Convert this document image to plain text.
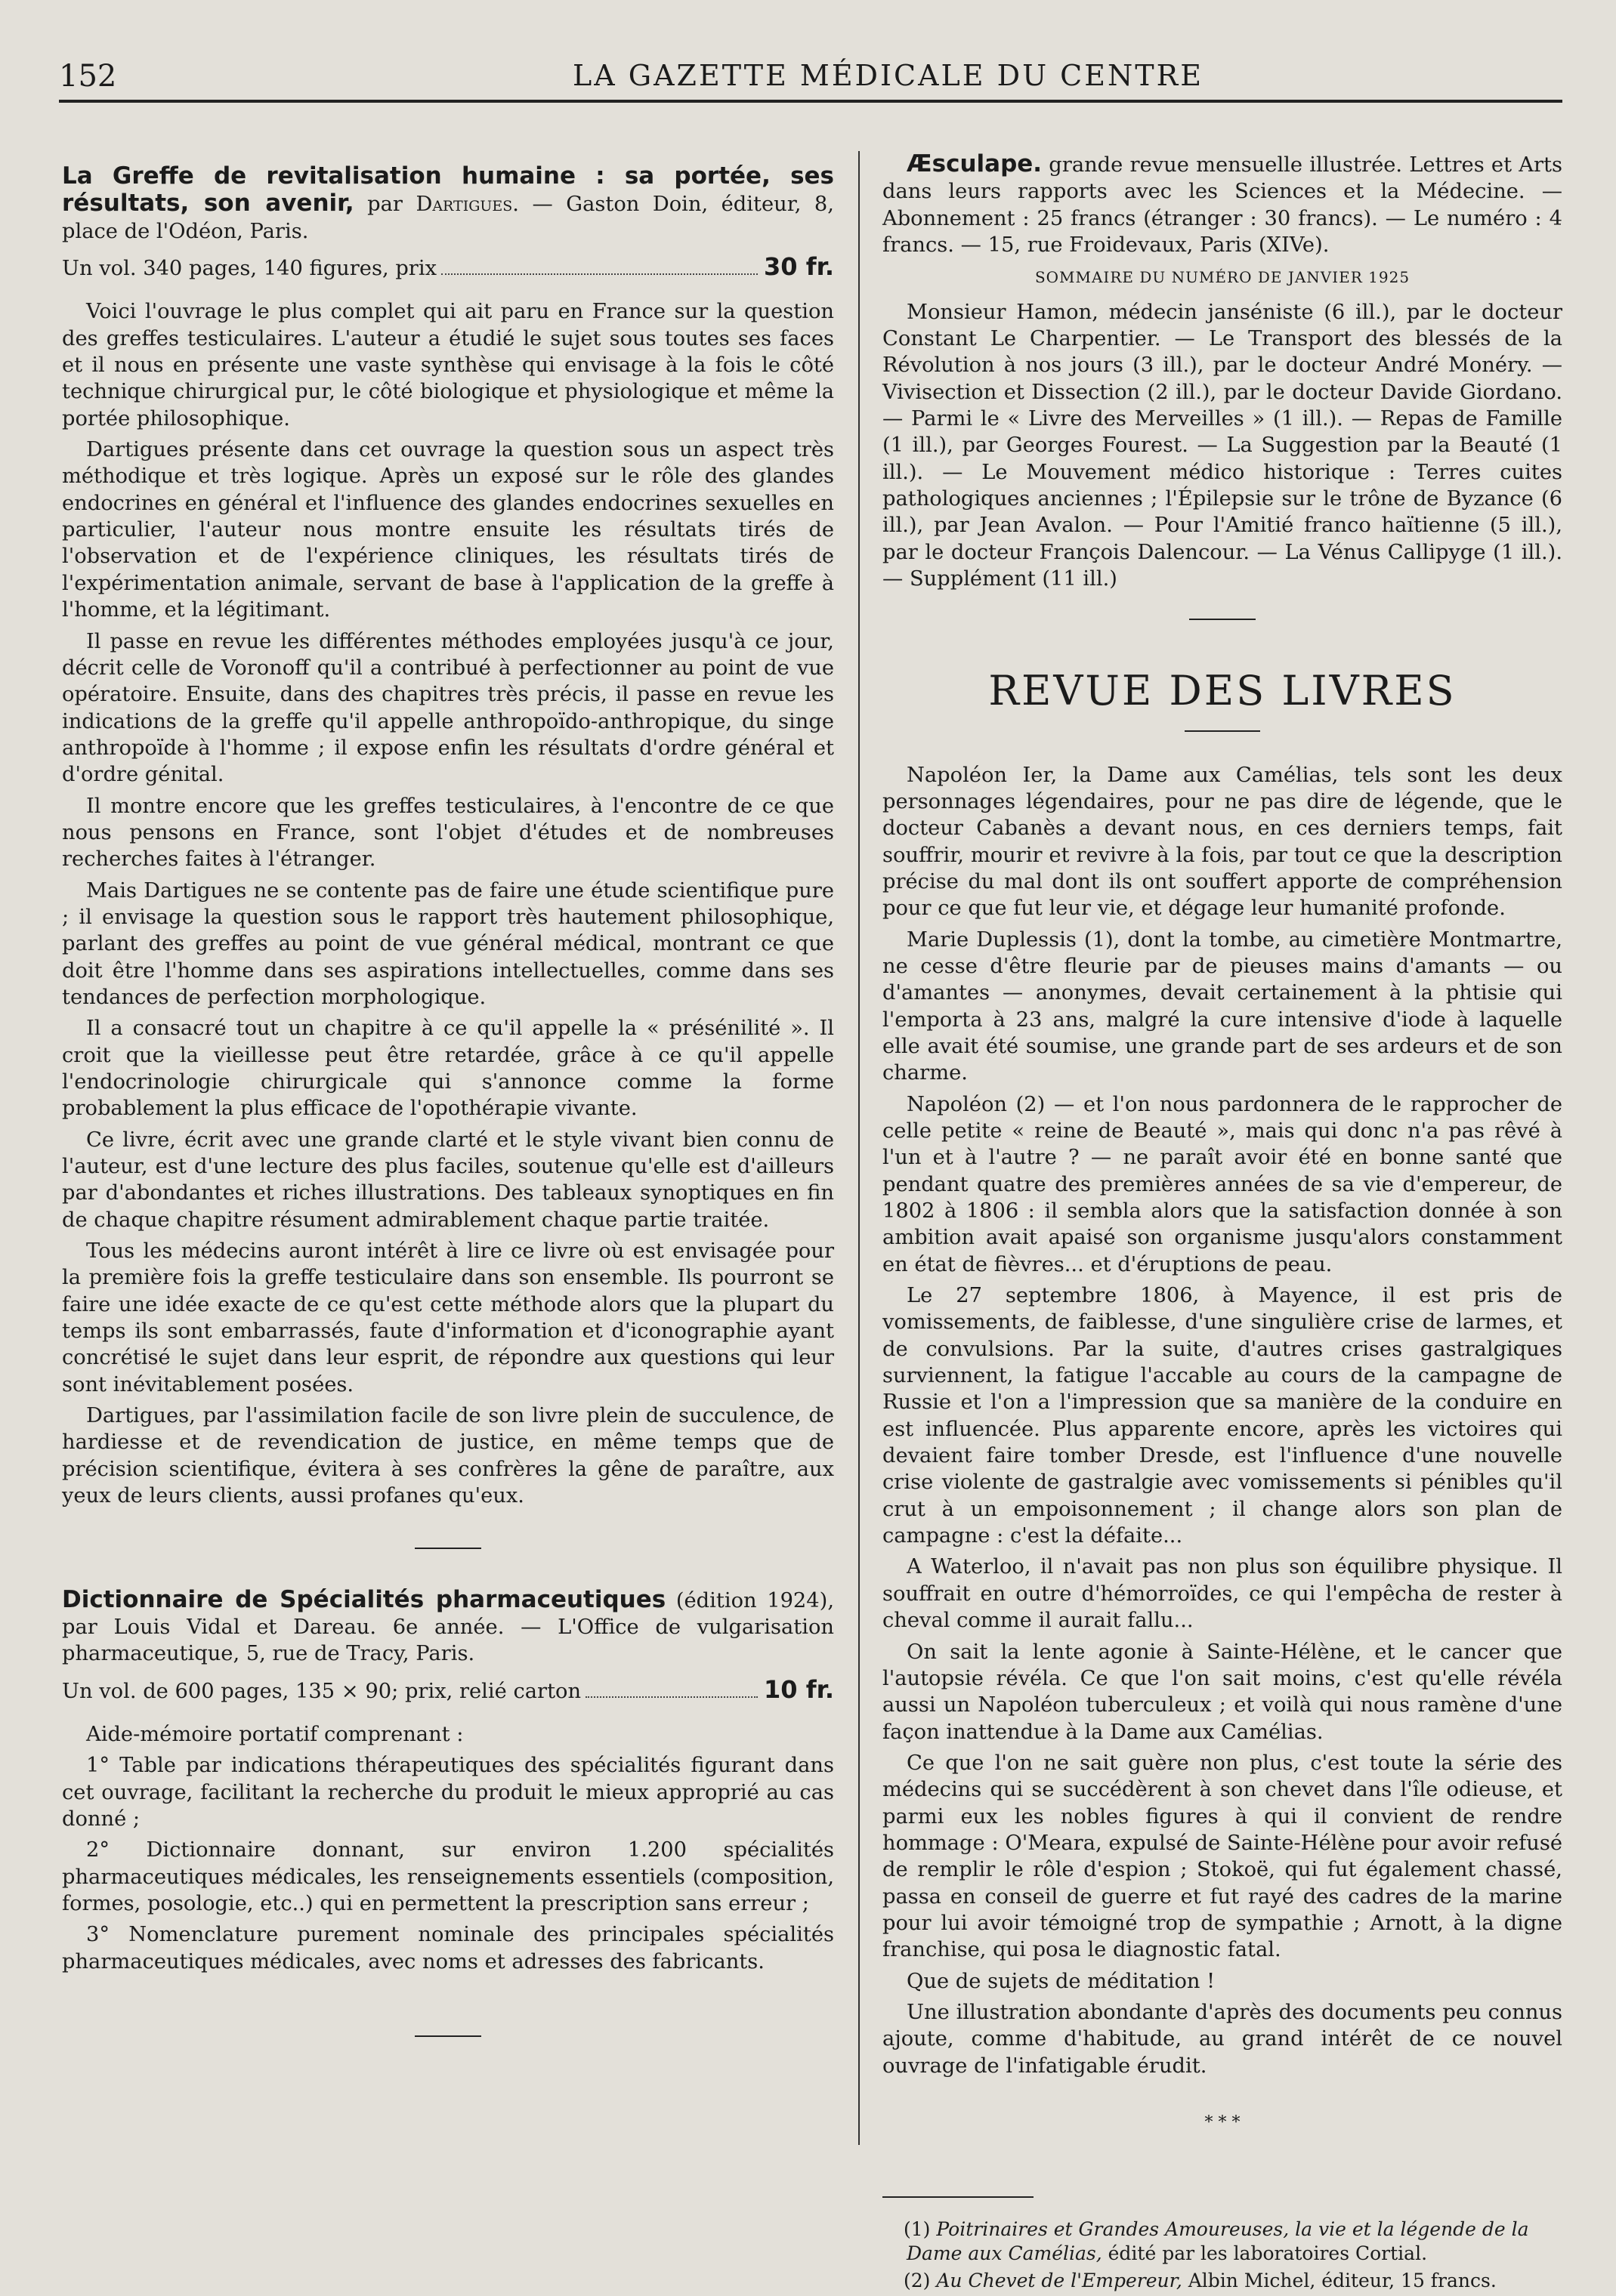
152	LA GAZETTE MÉDICALE DU CENTRE

La Greffe de revitalisation humaine : sa portée, ses résultats, son avenir, par Dartigues. — Gaston Doin, éditeur, 8, place de l'Odéon, Paris.

Un vol. 340 pages, 140 figures, prix	30 fr.

Voici l'ouvrage le plus complet qui ait paru en France sur la question des greffes testiculaires. L'auteur a étudié le sujet sous toutes ses faces et il nous en présente une vaste synthèse qui envisage à la fois le côté technique chirurgical pur, le côté biologique et physiologique et même la portée philosophique.

Dartigues présente dans cet ouvrage la question sous un aspect très méthodique et très logique. Après un exposé sur le rôle des glandes endocrines en général et l'influence des glandes endocrines sexuelles en particulier, l'auteur nous montre ensuite les résultats tirés de l'observation et de l'expérience cliniques, les résultats tirés de l'expérimentation animale, servant de base à l'application de la greffe à l'homme, et la légitimant.

Il passe en revue les différentes méthodes employées jusqu'à ce jour, décrit celle de Voronoff qu'il a contribué à perfectionner au point de vue opératoire. Ensuite, dans des chapitres très précis, il passe en revue les indications de la greffe qu'il appelle anthropoïdo-anthropique, du singe anthropoïde à l'homme ; il expose enfin les résultats d'ordre général et d'ordre génital.

Il montre encore que les greffes testiculaires, à l'encontre de ce que nous pensons en France, sont l'objet d'études et de nombreuses recherches faites à l'étranger.

Mais Dartigues ne se contente pas de faire une étude scientifique pure ; il envisage la question sous le rapport très hautement philosophique, parlant des greffes au point de vue général médical, montrant ce que doit être l'homme dans ses aspirations intellectuelles, comme dans ses tendances de perfection morphologique.

Il a consacré tout un chapitre à ce qu'il appelle la « présénilité ». Il croit que la vieillesse peut être retardée, grâce à ce qu'il appelle l'endocrinologie chirurgicale qui s'annonce comme la forme probablement la plus efficace de l'opothérapie vivante.

Ce livre, écrit avec une grande clarté et le style vivant bien connu de l'auteur, est d'une lecture des plus faciles, soutenue qu'elle est d'ailleurs par d'abondantes et riches illustrations. Des tableaux synoptiques en fin de chaque chapitre résument admirablement chaque partie traitée.

Tous les médecins auront intérêt à lire ce livre où est envisagée pour la première fois la greffe testiculaire dans son ensemble. Ils pourront se faire une idée exacte de ce qu'est cette méthode alors que la plupart du temps ils sont embarrassés, faute d'information et d'iconographie ayant concrétisé le sujet dans leur esprit, de répondre aux questions qui leur sont inévitablement posées.

Dartigues, par l'assimilation facile de son livre plein de succulence, de hardiesse et de revendication de justice, en même temps que de précision scientifique, évitera à ses confrères la gêne de paraître, aux yeux de leurs clients, aussi profanes qu'eux.

Dictionnaire de Spécialités pharmaceutiques (édition 1924), par Louis Vidal et Dareau. 6e année. — L'Office de vulgarisation pharmaceutique, 5, rue de Tracy, Paris.

Un vol. de 600 pages, 135 × 90; prix, relié carton	10 fr.

Aide-mémoire portatif comprenant :

1° Table par indications thérapeutiques des spécialités figurant dans cet ouvrage, facilitant la recherche du produit le mieux approprié au cas donné ;

2° Dictionnaire donnant, sur environ 1.200 spécialités pharmaceutiques médicales, les renseignements essentiels (composition, formes, posologie, etc..) qui en permettent la prescription sans erreur ;

3° Nomenclature purement nominale des principales spécialités pharmaceutiques médicales, avec noms et adresses des fabricants.

Æsculape. grande revue mensuelle illustrée. Lettres et Arts dans leurs rapports avec les Sciences et la Médecine. — Abonnement : 25 francs (étranger : 30 francs). — Le numéro : 4 francs. — 15, rue Froidevaux, Paris (XIVe).

SOMMAIRE DU NUMÉRO DE JANVIER 1925

Monsieur Hamon, médecin janséniste (6 ill.), par le docteur Constant Le Charpentier. — Le Transport des blessés de la Révolution à nos jours (3 ill.), par le docteur André Monéry. — Vivisection et Dissection (2 ill.), par le docteur Davide Giordano. — Parmi le « Livre des Merveilles » (1 ill.). — Repas de Famille (1 ill.), par Georges Fourest. — La Suggestion par la Beauté (1 ill.). — Le Mouvement médico historique : Terres cuites pathologiques anciennes ; l'Épilepsie sur le trône de Byzance (6 ill.), par Jean Avalon. — Pour l'Amitié franco haïtienne (5 ill.), par le docteur François Dalencour. — La Vénus Callipyge (1 ill.). — Supplément (11 ill.)

REVUE DES LIVRES

Napoléon Ier, la Dame aux Camélias, tels sont les deux personnages légendaires, pour ne pas dire de légende, que le docteur Cabanès a devant nous, en ces derniers temps, fait souffrir, mourir et revivre à la fois, par tout ce que la description précise du mal dont ils ont souffert apporte de compréhension pour ce que fut leur vie, et dégage leur humanité profonde.

Marie Duplessis (1), dont la tombe, au cimetière Montmartre, ne cesse d'être fleurie par de pieuses mains d'amants — ou d'amantes — anonymes, devait certainement à la phtisie qui l'emporta à 23 ans, malgré la cure intensive d'iode à laquelle elle avait été soumise, une grande part de ses ardeurs et de son charme.

Napoléon (2) — et l'on nous pardonnera de le rapprocher de celle petite « reine de Beauté », mais qui donc n'a pas rêvé à l'un et à l'autre ? — ne paraît avoir été en bonne santé que pendant quatre des premières années de sa vie d'empereur, de 1802 à 1806 : il sembla alors que la satisfaction donnée à son ambition avait apaisé son organisme jusqu'alors constamment en état de fièvres... et d'éruptions de peau.

Le 27 septembre 1806, à Mayence, il est pris de vomissements, de faiblesse, d'une singulière crise de larmes, et de convulsions. Par la suite, d'autres crises gastralgiques surviennent, la fatigue l'accable au cours de la campagne de Russie et l'on a l'impression que sa manière de la conduire en est influencée. Plus apparente encore, après les victoires qui devaient faire tomber Dresde, est l'influence d'une nouvelle crise violente de gastralgie avec vomissements si pénibles qu'il crut à un empoisonnement ; il change alors son plan de campagne : c'est la défaite...

A Waterloo, il n'avait pas non plus son équilibre physique. Il souffrait en outre d'hémorroïdes, ce qui l'empêcha de rester à cheval comme il aurait fallu...

On sait la lente agonie à Sainte-Hélène, et le cancer que l'autopsie révéla. Ce que l'on sait moins, c'est qu'elle révéla aussi un Napoléon tuberculeux ; et voilà qui nous ramène d'une façon inattendue à la Dame aux Camélias.

Ce que l'on ne sait guère non plus, c'est toute la série des médecins qui se succédèrent à son chevet dans l'île odieuse, et parmi eux les nobles figures à qui il convient de rendre hommage : O'Meara, expulsé de Sainte-Hélène pour avoir refusé de remplir le rôle d'espion ; Stokoë, qui fut également chassé, passa en conseil de guerre et fut rayé des cadres de la marine pour lui avoir témoigné trop de sympathie ; Arnott, à la digne franchise, qui posa le diagnostic fatal.

Que de sujets de méditation !

Une illustration abondante d'après des documents peu connus ajoute, comme d'habitude, au grand intérêt de ce nouvel ouvrage de l'infatigable érudit.

* * *

(1) Poitrinaires et Grandes Amoureuses, la vie et la légende de la Dame aux Camélias, édité par les laboratoires Cortial.

(2) Au Chevet de l'Empereur, Albin Michel, éditeur, 15 francs.
